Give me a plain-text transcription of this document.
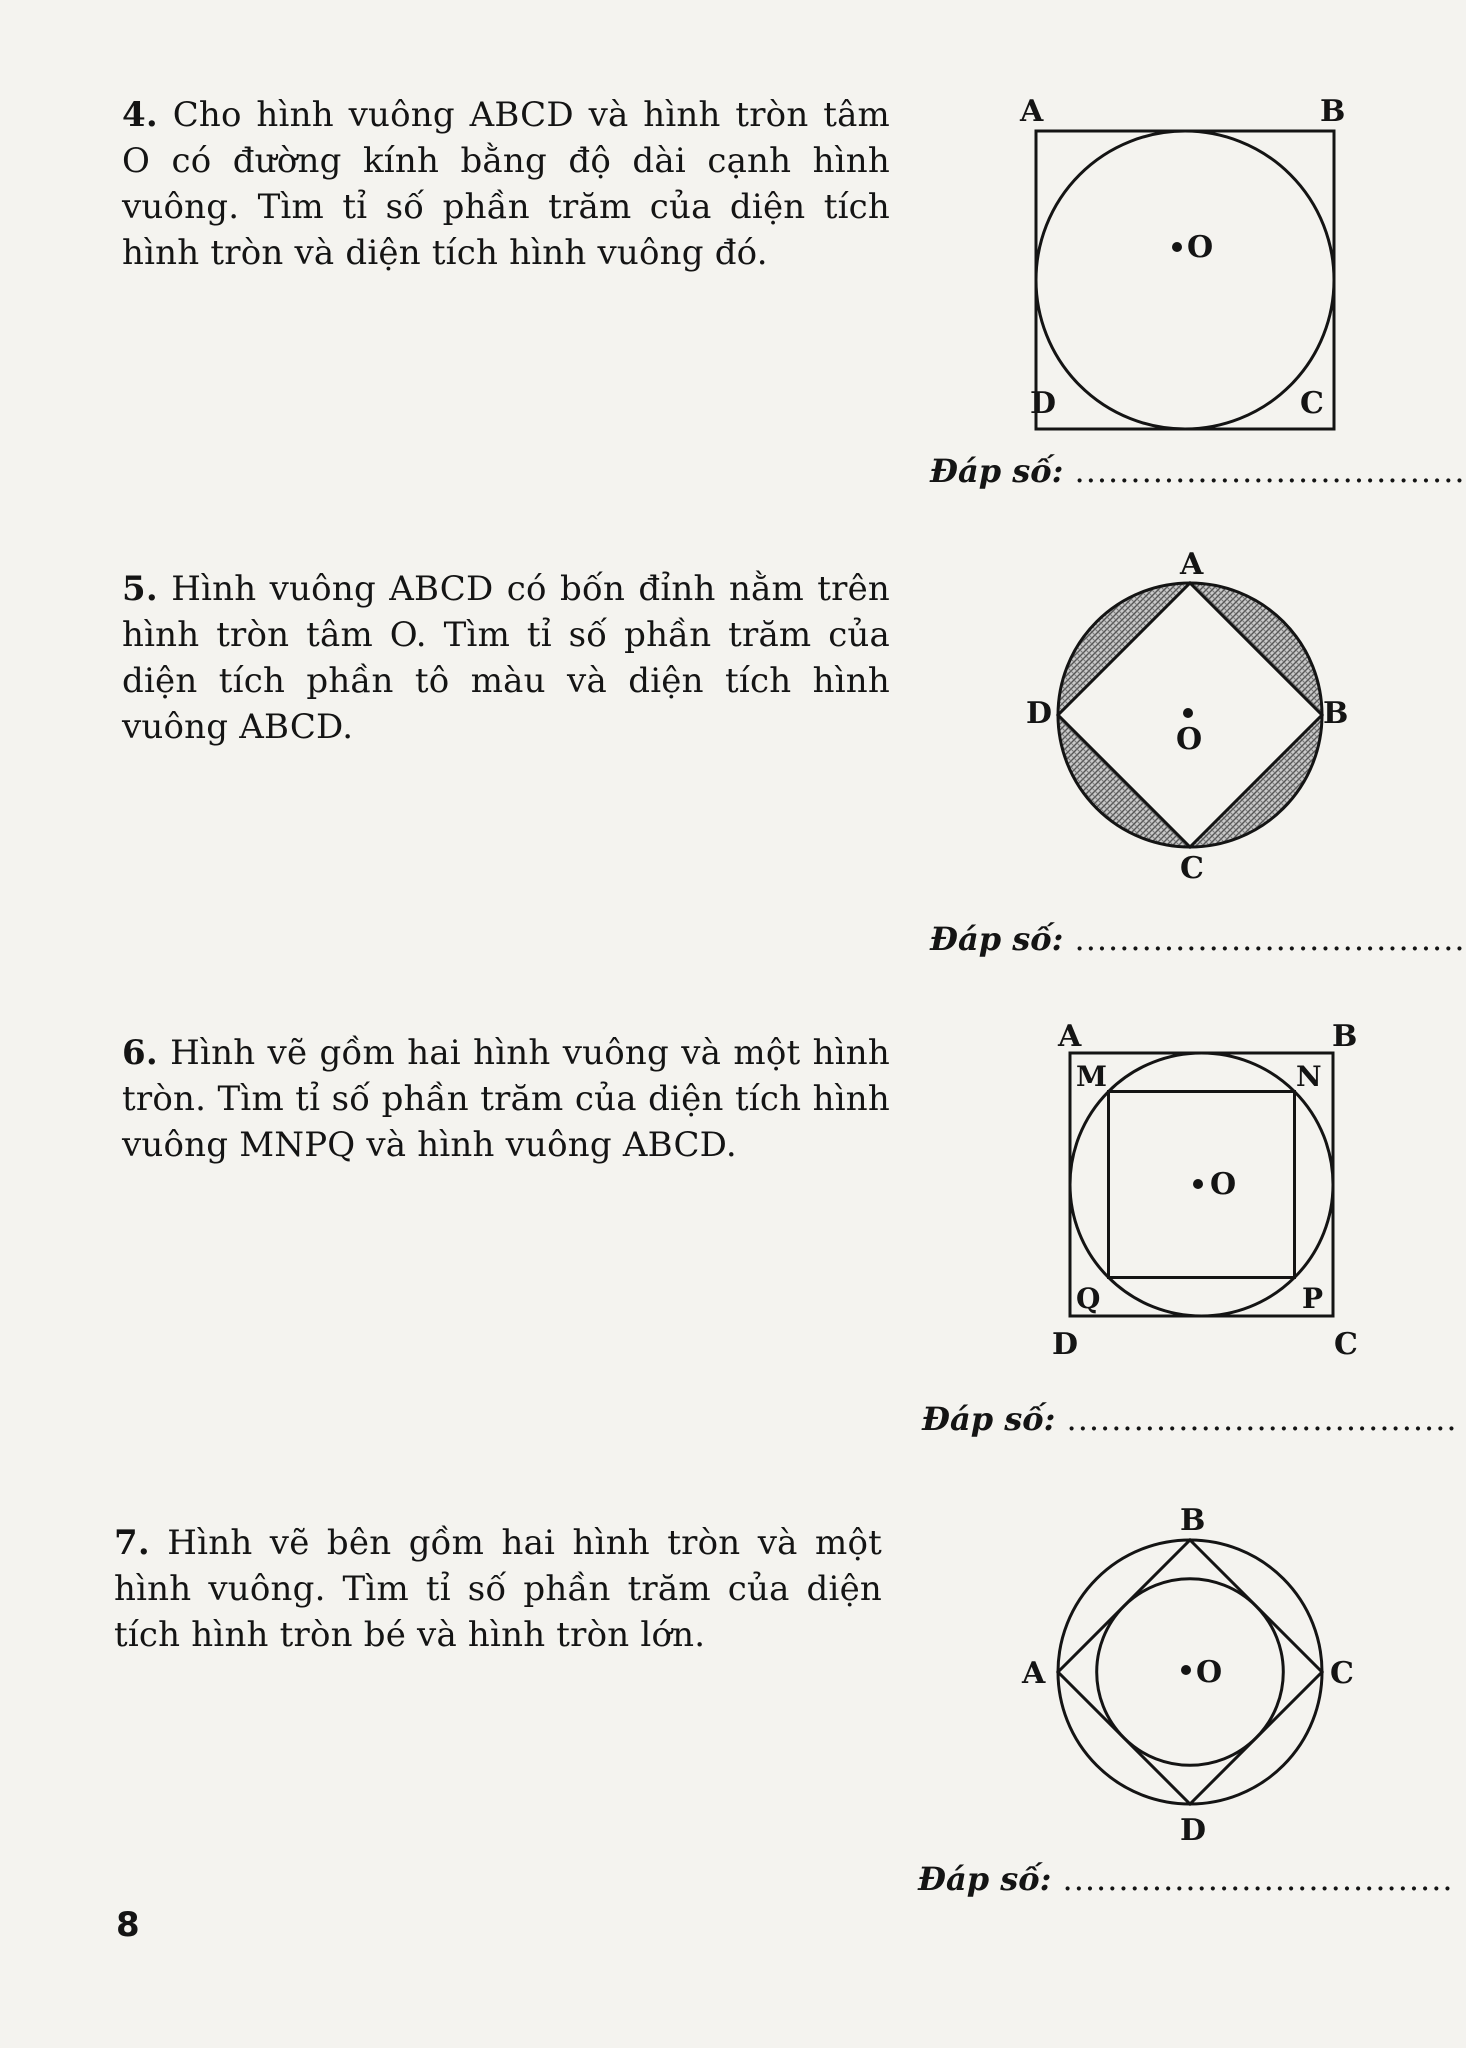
4. Cho hình vuông ABCD và hình tròn tâm O có đường kính bằng độ dài cạnh hình vuông. Tìm tỉ số phần trăm của diện tích hình tròn và diện tích hình vuông đó.
A	B
D	C
O
Đáp số: ...................................
5. Hình vuông ABCD có bốn đỉnh nằm trên hình tròn tâm O. Tìm tỉ số phần trăm của diện tích phần tô màu và diện tích hình vuông ABCD.
A
B
C
D
O
Đáp số: ...................................
6. Hình vẽ gồm hai hình vuông và một hình tròn. Tìm tỉ số phần trăm của diện tích hình vuông MNPQ và hình vuông ABCD.
A	B
D	C
M	N
Q	P
O
Đáp số: ...................................
7. Hình vẽ bên gồm hai hình tròn và một hình vuông. Tìm tỉ số phần trăm của diện tích hình tròn bé và hình tròn lớn.
B
A	C
D
O
Đáp số: ...................................
8
